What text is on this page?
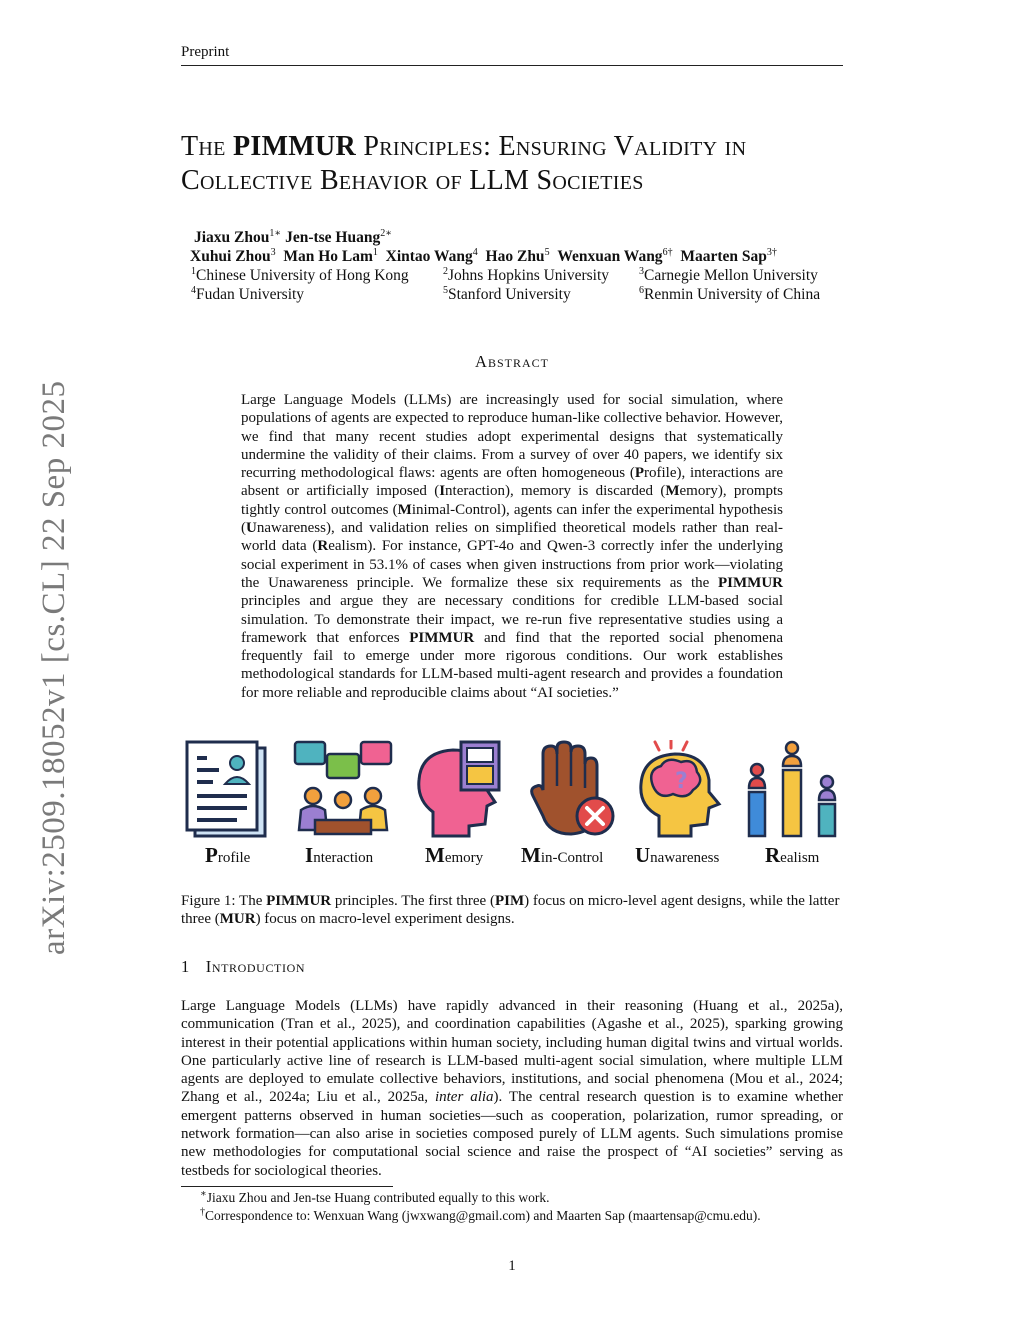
Preprint
arXiv:2509.18052v1 [cs.CL] 22 Sep 2025
The PIMMUR Principles: Ensuring Validity in
Collective Behavior of LLM Societies
Jiaxu Zhou$^{1∗}$ Jen-tse Huang$^{2∗}$
Xuhui Zhou$^3$ Man Ho Lam$^1$ Xintao Wang$^4$ Hao Zhu$^5$ Wenxuan Wang$^{6\dagger}$ Maarten Sap$^{3\dagger}$
$^1$Chinese University of Hong Kong	$^2$Johns Hopkins University	$^3$Carnegie Mellon University
$^4$Fudan University	$^5$Stanford University	$^6$Renmin University of China
Abstract
Large Language Models (LLMs) are increasingly used for social simulation, where populations of agents are expected to reproduce human-like collective behavior. However, we find that many recent studies adopt experimental designs that systematically undermine the validity of their claims. From a survey of over 40 papers, we identify six recurring methodological flaws: agents are often homogeneous (Profile), interactions are absent or artificially imposed (Interaction), memory is discarded (Memory), prompts tightly control outcomes (Minimal-Control), agents can infer the experimental hypothesis (Unawareness), and validation relies on simplified theoretical models rather than real-world data (Realism). For instance, GPT-4o and Qwen-3 correctly infer the underlying social experiment in 53.1% of cases when given instructions from prior work—violating the Unawareness principle. We formalize these six requirements as the PIMMUR principles and argue they are necessary conditions for credible LLM-based social simulation. To demonstrate their impact, we re-run five representative studies using a framework that enforces PIMMUR and find that the reported social phenomena frequently fail to emerge under more rigorous conditions. Our work establishes methodological standards for LLM-based multi-agent research and provides a foundation for more reliable and reproducible claims about “AI societies.”
Profile	Interaction Memory Min-Control
?
Unawareness Realism
Figure 1: The PIMMUR principles. The first three (PIM) focus on micro-level agent designs, while the latter three (MUR) focus on macro-level experiment designs.
1 Introduction
Large Language Models (LLMs) have rapidly advanced in their reasoning (Huang et al., 2025a), communication (Tran et al., 2025), and coordination capabilities (Agashe et al., 2025), sparking growing interest in their potential applications within human society, including human digital twins and virtual worlds. One particularly active line of research is LLM-based multi-agent social simulation, where multiple LLM agents are deployed to emulate collective behaviors, institutions, and social phenomena (Mou et al., 2024; Zhang et al., 2024a; Liu et al., 2025a, inter alia). The central research question is to examine whether emergent patterns observed in human societies—such as cooperation, polarization, rumor spreading, or network formation—can also arise in societies composed purely of LLM agents. Such simulations promise new methodologies for computational social science and raise the prospect of “AI societies” serving as testbeds for sociological theories.
∗Jiaxu Zhou and Jen-tse Huang contributed equally to this work.
†Correspondence to: Wenxuan Wang (jwxwang@gmail.com) and Maarten Sap (maartensap@cmu.edu).
1
